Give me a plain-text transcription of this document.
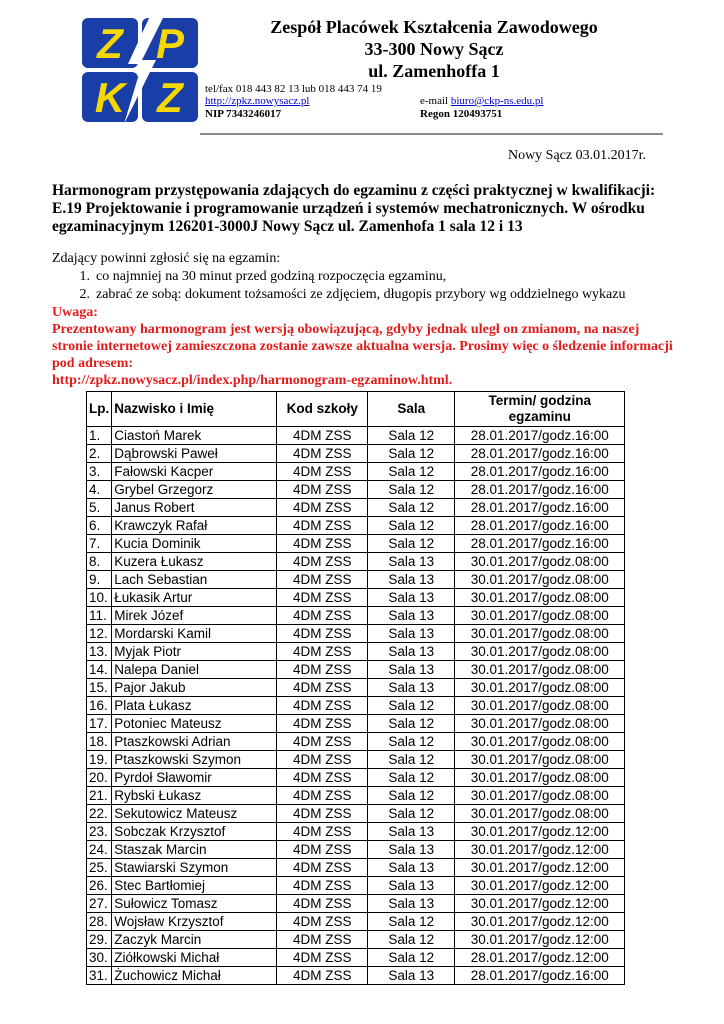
Z P
K Z
Zespół Placówek Kształcenia Zawodowego
33-300 Nowy Sącz
ul. Zamenhoffa 1
tel/fax 018 443 82 13 lub 018 443 74 19
http://zpkz.nowysacz.pl	e-mail biuro@ckp-ns.edu.pl
NIP 7343246017	Regon 120493751
Nowy Sącz 03.01.2017r.
Harmonogram przystępowania zdających do egzaminu z części praktycznej w kwalifikacji: E.19 Projektowanie i programowanie urządzeń i systemów mechatronicznych. W ośrodku egzaminacyjnym 126201-3000J Nowy Sącz ul. Zamenhofa 1 sala 12 i 13
Zdający powinni zgłosić się na egzamin:
1. co najmniej na 30 minut przed godziną rozpoczęcia egzaminu,
2. zabrać ze sobą: dokument tożsamości ze zdjęciem, długopis przybory wg oddzielnego wykazu
Uwaga:
Prezentowany harmonogram jest wersją obowiązującą, gdyby jednak uległ on zmianom, na naszej stronie internetowej zamieszczona zostanie zawsze aktualna wersja. Prosimy więc o śledzenie informacji pod adresem:
http://zpkz.nowysacz.pl/index.php/harmonogram-egzaminow.html.
Lp.	Nazwisko i Imię	Kod szkoły	Sala	Termin/ godzina egzaminu
1.	Ciastoń Marek	4DM ZSS	Sala 12	28.01.2017/godz.16:00
2.	Dąbrowski Paweł	4DM ZSS	Sala 12	28.01.2017/godz.16:00
3.	Fałowski Kacper	4DM ZSS	Sala 12	28.01.2017/godz.16:00
4.	Grybel Grzegorz	4DM ZSS	Sala 12	28.01.2017/godz.16:00
5.	Janus Robert	4DM ZSS	Sala 12	28.01.2017/godz.16:00
6.	Krawczyk Rafał	4DM ZSS	Sala 12	28.01.2017/godz.16:00
7.	Kucia Dominik	4DM ZSS	Sala 12	28.01.2017/godz.16:00
8.	Kuzera Łukasz	4DM ZSS	Sala 13	30.01.2017/godz.08:00
9.	Lach Sebastian	4DM ZSS	Sala 13	30.01.2017/godz.08:00
10.	Łukasik Artur	4DM ZSS	Sala 13	30.01.2017/godz.08:00
11.	Mirek Józef	4DM ZSS	Sala 13	30.01.2017/godz.08:00
12.	Mordarski Kamil	4DM ZSS	Sala 13	30.01.2017/godz.08:00
13.	Myjak Piotr	4DM ZSS	Sala 13	30.01.2017/godz.08:00
14.	Nalepa Daniel	4DM ZSS	Sala 13	30.01.2017/godz.08:00
15.	Pajor Jakub	4DM ZSS	Sala 13	30.01.2017/godz.08:00
16.	Plata Łukasz	4DM ZSS	Sala 12	30.01.2017/godz.08:00
17.	Potoniec Mateusz	4DM ZSS	Sala 12	30.01.2017/godz.08:00
18.	Ptaszkowski Adrian	4DM ZSS	Sala 12	30.01.2017/godz.08:00
19.	Ptaszkowski Szymon	4DM ZSS	Sala 12	30.01.2017/godz.08:00
20.	Pyrdoł Sławomir	4DM ZSS	Sala 12	30.01.2017/godz.08:00
21.	Rybski Łukasz	4DM ZSS	Sala 12	30.01.2017/godz.08:00
22.	Sekutowicz Mateusz	4DM ZSS	Sala 12	30.01.2017/godz.08:00
23.	Sobczak Krzysztof	4DM ZSS	Sala 13	30.01.2017/godz.12:00
24.	Staszak Marcin	4DM ZSS	Sala 13	30.01.2017/godz.12:00
25.	Stawiarski Szymon	4DM ZSS	Sala 13	30.01.2017/godz.12:00
26.	Stec Bartłomiej	4DM ZSS	Sala 13	30.01.2017/godz.12:00
27.	Sułowicz Tomasz	4DM ZSS	Sala 13	30.01.2017/godz.12:00
28.	Wojsław Krzysztof	4DM ZSS	Sala 12	30.01.2017/godz.12:00
29.	Zaczyk Marcin	4DM ZSS	Sala 12	30.01.2017/godz.12:00
30.	Ziółkowski Michał	4DM ZSS	Sala 12	28.01.2017/godz.12:00
31.	Żuchowicz Michał	4DM ZSS	Sala 13	28.01.2017/godz.16:00
